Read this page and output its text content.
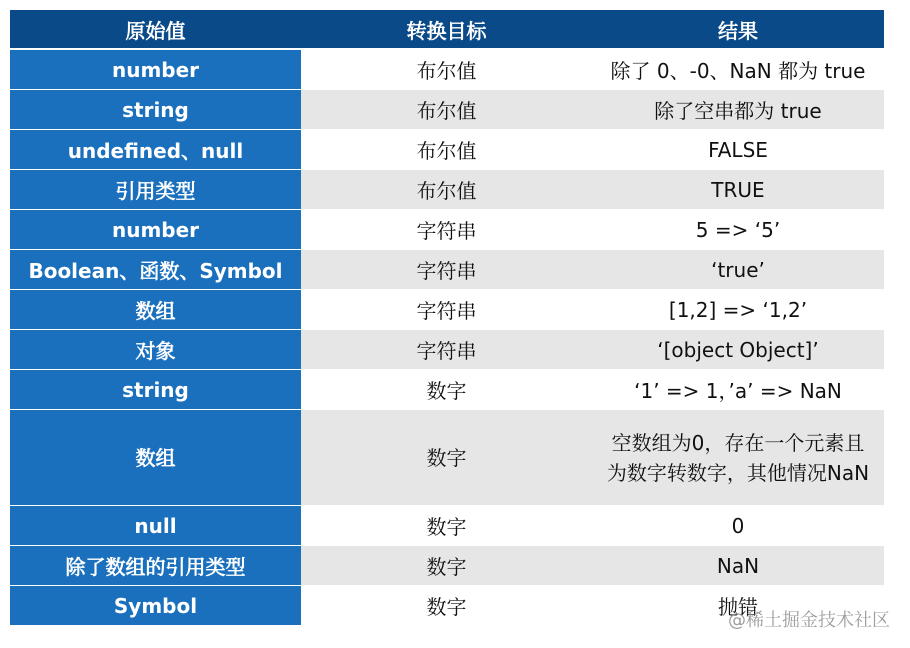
原始值	转换目标	结果
number	布尔值	除了 0、-0、NaN 都为 true
string	布尔值	除了空串都为 true
undefined、null	布尔值	FALSE
引用类型	布尔值	TRUE
number	字符串	5 => ‘5’
Boolean、函数、Symbol	字符串	‘true’
数组	字符串	[1,2] => ‘1,2’
对象	字符串	‘[object Object]’
string	数字	‘1’ => 1，’a’ => NaN
数组	数字	空数组为0，存在一个元素且为数字转数字，其他情况NaN
null	数字	0
除了数组的引用类型	数字	NaN
Symbol	数字	抛错
@稀土掘金技术社区
